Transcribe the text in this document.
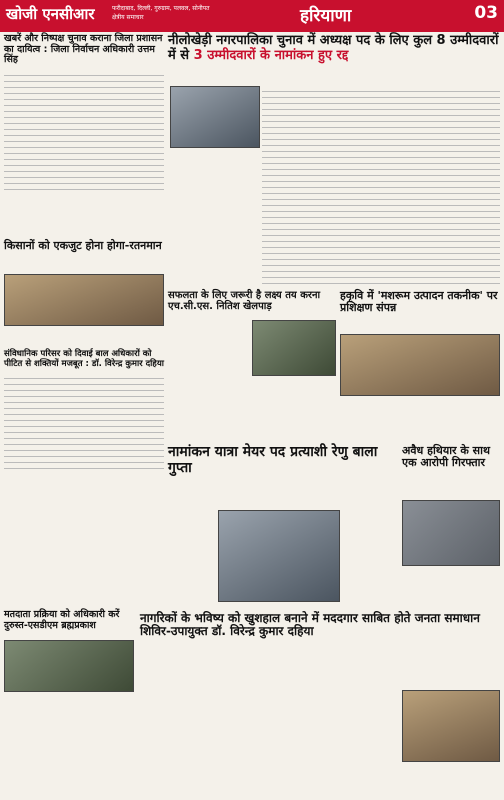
खोजी एनसीआर	फरीदाबाद, दिल्ली, गुरुग्राम, पलवल, सोनीपत
क्षेत्रीय समाचार	हरियाणा	03
खबरें और निष्पक्ष चुनाव कराना जिला प्रशासन का दायित्व : जिला निर्वाचन अधिकारी उत्तम सिंह
नीलोखेड़ी नगरपालिका चुनाव में अध्यक्ष पद के लिए कुल 8 उम्मीदवारों में से 3 उम्मीदवारों के नामांकन हुए रद्द
किसानों को एकजुट होना होगा-रतनमान
सफलता के लिए जरूरी है लक्ष्य तय करना एच.सी.एस. नितिश खेलपाड़
हकृवि में 'मशरूम उत्पादन तकनीक' पर प्रशिक्षण संपन्न
संविधानिक परिसर को दिवाई बाल अधिकारों को पीटित से शक्तियों मजबूत : डॉ. विरेन्द्र कुमार दहिया
नामांकन यात्रा मेयर पद प्रत्याशी रेणु बाला गुप्ता
अवैध हथियार के साथ एक आरोपी गिरफ्तार
मतदाता प्रक्रिया को अधिकारी करें दुरुस्त-एसडीएम ब्रह्मप्रकाश
नागरिकों के भविष्य को खुशहाल बनाने में मददगार साबित होते जनता समाधान शिविर-उपायुक्त डॉ. विरेन्द्र कुमार दहिया
